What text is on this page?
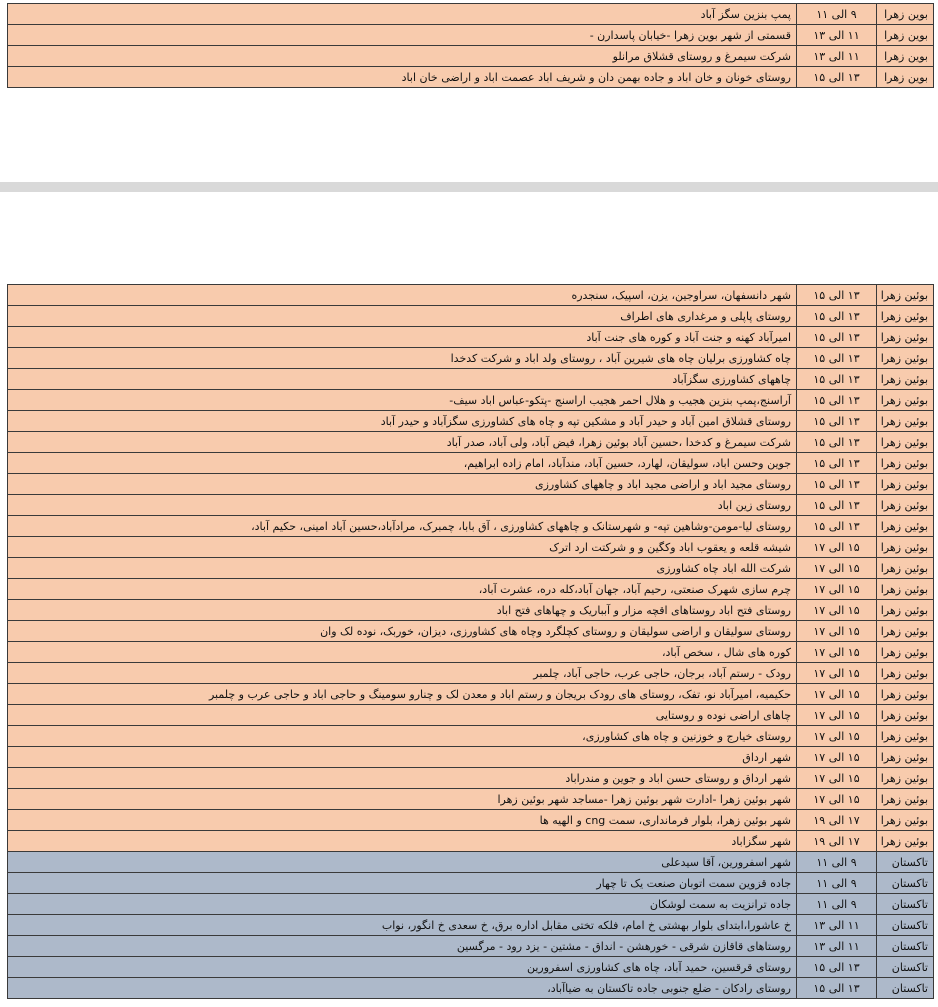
بوین زهرا	۹ الی ۱۱	پمپ بنزین سگز آباد
بوین زهرا	۱۱ الی ۱۳	قسمتی از شهر بوین زهرا -خیابان پاسدارن -
بوین زهرا	۱۱ الی ۱۳	شرکت سیمرغ و روستای قشلاق مرانلو
بوین زهرا	۱۳ الی ۱۵	روستای خونان و خان اباد و جاده بهمن دان و شریف اباد عصمت اباد و اراضی خان اباد
بوئین زهرا	۱۳ الی ۱۵	شهر دانسفهان، سراوجین، یزن، اسپیک، سنجدره
بوئین زهرا	۱۳ الی ۱۵	روستای پاپلی و مرغداری های اطراف
بوئین زهرا	۱۳ الی ۱۵	امیرآباد کهنه و جنت آباد و کوره های جنت آباد
بوئین زهرا	۱۳ الی ۱۵	چاه کشاورزی برلیان چاه های شیرین آباد ، روستای ولد اباد و شرکت کدخدا
بوئین زهرا	۱۳ الی ۱۵	چاههای کشاورزی سگزآباد
بوئین زهرا	۱۳ الی ۱۵	آراسنج،پمپ بنزین هجیب و هلال احمر هجیب اراسنج -پتکو-عباس اباد سیف-
بوئین زهرا	۱۳ الی ۱۵	روستای قشلاق امین آباد و حیدر آباد و مشکین تپه و چاه های کشاورزی سگزآباد و حیدر آباد
بوئین زهرا	۱۳ الی ۱۵	شرکت سیمرغ و کدخدا ،حسین آباد بوئین زهرا، فیض آباد، ولی آباد، صدر آباد
بوئین زهرا	۱۳ الی ۱۵	جوین وحسن اباد، سولیقان، لهارد، حسین آباد، مندآباد، امام زاده ابراهیم،
بوئین زهرا	۱۳ الی ۱۵	روستای مجید اباد و اراضی مجید اباد و چاههای کشاورزی
بوئین زهرا	۱۳ الی ۱۵	روستای زین اباد
بوئین زهرا	۱۳ الی ۱۵	روستای لیا-مومن-وشاهین تپه- و شهرستانک و چاههای کشاورزی ، آق بابا، چمبرک، مرادآباد،حسین آباد امینی، حکیم آباد،
بوئین زهرا	۱۵ الی ۱۷	شیشه قلعه و یعقوب اباد وکگین و و شرکتت ارد اترک
بوئین زهرا	۱۵ الی ۱۷	شرکت الله اباد چاه کشاورزی
بوئین زهرا	۱۵ الی ۱۷	چرم سازی شهرک صنعتی، رحیم آباد، جهان آباد،کله دره، عشرت آباد،
بوئین زهرا	۱۵ الی ۱۷	روستای فتح اباد روستاهای اقچه مزار و آبباریک و چهاهای فتح اباد
بوئین زهرا	۱۵ الی ۱۷	روستای سولیقان و اراضی سولیقان و روستای کچلگرد وچاه های کشاورزی، دیزان، خوربک، نوده لک وان
بوئین زهرا	۱۵ الی ۱۷	کوره های شال ، سخص آباد،
بوئین زهرا	۱۵ الی ۱۷	رودک - رستم آباد، برجان، حاجی عرب، حاجی آباد، چلمبر
بوئین زهرا	۱۵ الی ۱۷	حکیمیه، امیرآباد نو، تفک، روستای های رودک بریجان و رستم اباد و معدن لک و چنارو سومینگ و حاجی اباد و حاجی عرب و چلمبر
بوئین زهرا	۱۵ الی ۱۷	چاهای اراضی نوده و روستایی
بوئین زهرا	۱۵ الی ۱۷	روستای خیارج و خوزنین و چاه های کشاورزی،
بوئین زهرا	۱۵ الی ۱۷	شهر ارداق
بوئین زهرا	۱۵ الی ۱۷	شهر ارداق و روستای حسن اباد و جوین و مندراباد
بوئین زهرا	۱۵ الی ۱۷	شهر بوئین زهرا -ادارت شهر بوئین زهرا -مساجد شهر بوئین زهرا
بوئین زهرا	۱۷ الی ۱۹	شهر بوئین زهرا، بلوار فرمانداری، سمت cng و الهیه ها
بوئین زهرا	۱۷ الی ۱۹	شهر سگزاباد
تاکستان	۹ الی ۱۱	شهر اسفرورین، آقا سیدعلی
تاکستان	۹ الی ۱۱	جاده قزوین سمت اتوبان صنعت یک تا چهار
تاکستان	۹ الی ۱۱	جاده ترانزیت به سمت لوشکان
تاکستان	۱۱ الی ۱۳	خ عاشورا،ابتدای بلوار بهشتی خ امام، فلکه تختی مقابل اداره برق، خ سعدی خ انگور، نواب
تاکستان	۱۱ الی ۱۳	روستاهای قاقازن شرقی - خورهشن - انداق - مشتین - یزد رود - مرگسین
تاکستان	۱۳ الی ۱۵	روستای قرقسین، حمید آباد، چاه های کشاورزی اسفرورین
تاکستان	۱۳ الی ۱۵	روستای رادکان - ضلع جنوبی جاده تاکستان به ضیاآباد،
